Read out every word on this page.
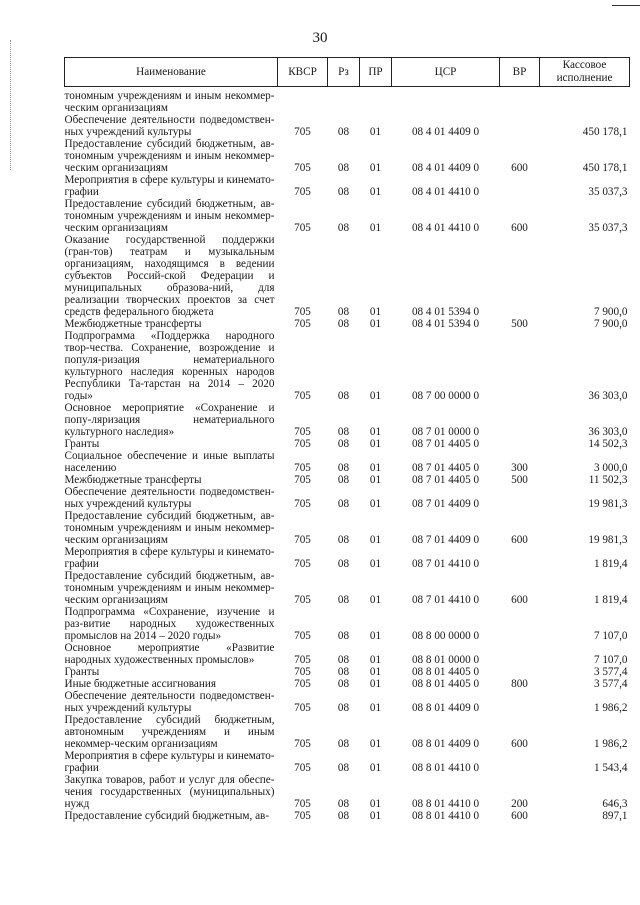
30
Наименование	КВСР	Рз	ПР	ЦСР	ВР	Кассовое исполнение
тономным учреждениям и иным некоммер-ческим организациям						
Обеспечение деятельности подведомствен-ных учреждений культуры	705	08	01	08 4 01 4409 0		450 178,1
Предоставление субсидий бюджетным, ав-тономным учреждениям и иным некоммер-ческим организациям	705	08	01	08 4 01 4409 0	600	450 178,1
Мероприятия в сфере культуры и кинемато-графии	705	08	01	08 4 01 4410 0		35 037,3
Предоставление субсидий бюджетным, ав-тономным учреждениям и иным некоммер-ческим организациям	705	08	01	08 4 01 4410 0	600	35 037,3
Оказание государственной поддержки (гран-тов) театрам и музыкальным организациям, находящимся в ведении субъектов Россий-ской Федерации и муниципальных образова-ний, для реализации творческих проектов за счет средств федерального бюджета	705	08	01	08 4 01 5394 0		7 900,0
Межбюджетные трансферты	705	08	01	08 4 01 5394 0	500	7 900,0
Подпрограмма «Поддержка народного твор-чества. Сохранение, возрождение и популя-ризация нематериального культурного наследия коренных народов Республики Та-тарстан на 2014 – 2020 годы»	705	08	01	08 7 00 0000 0		36 303,0
Основное мероприятие «Сохранение и попу-ляризация нематериального культурного наследия»	705	08	01	08 7 01 0000 0		36 303,0
Гранты	705	08	01	08 7 01 4405 0		14 502,3
Социальное обеспечение и иные выплаты населению	705	08	01	08 7 01 4405 0	300	3 000,0
Межбюджетные трансферты	705	08	01	08 7 01 4405 0	500	11 502,3
Обеспечение деятельности подведомствен-ных учреждений культуры	705	08	01	08 7 01 4409 0		19 981,3
Предоставление субсидий бюджетным, ав-тономным учреждениям и иным некоммер-ческим организациям	705	08	01	08 7 01 4409 0	600	19 981,3
Мероприятия в сфере культуры и кинемато-графии	705	08	01	08 7 01 4410 0		1 819,4
Предоставление субсидий бюджетным, ав-тономным учреждениям и иным некоммер-ческим организациям	705	08	01	08 7 01 4410 0	600	1 819,4
Подпрограмма «Сохранение, изучение и раз-витие народных художественных промыслов на 2014 – 2020 годы»	705	08	01	08 8 00 0000 0		7 107,0
Основное мероприятие «Развитие народных художественных промыслов»	705	08	01	08 8 01 0000 0		7 107,0
Гранты	705	08	01	08 8 01 4405 0		3 577,4
Иные бюджетные ассигнования	705	08	01	08 8 01 4405 0	800	3 577,4
Обеспечение деятельности подведомствен-ных учреждений культуры	705	08	01	08 8 01 4409 0		1 986,2
Предоставление субсидий бюджетным, автономным учреждениям и иным некоммер-ческим организациям	705	08	01	08 8 01 4409 0	600	1 986,2
Мероприятия в сфере культуры и кинемато-графии	705	08	01	08 8 01 4410 0		1 543,4
Закупка товаров, работ и услуг для обеспе-чения государственных (муниципальных) нужд	705	08	01	08 8 01 4410 0	200	646,3
Предоставление субсидий бюджетным, ав-	705	08	01	08 8 01 4410 0	600	897,1
